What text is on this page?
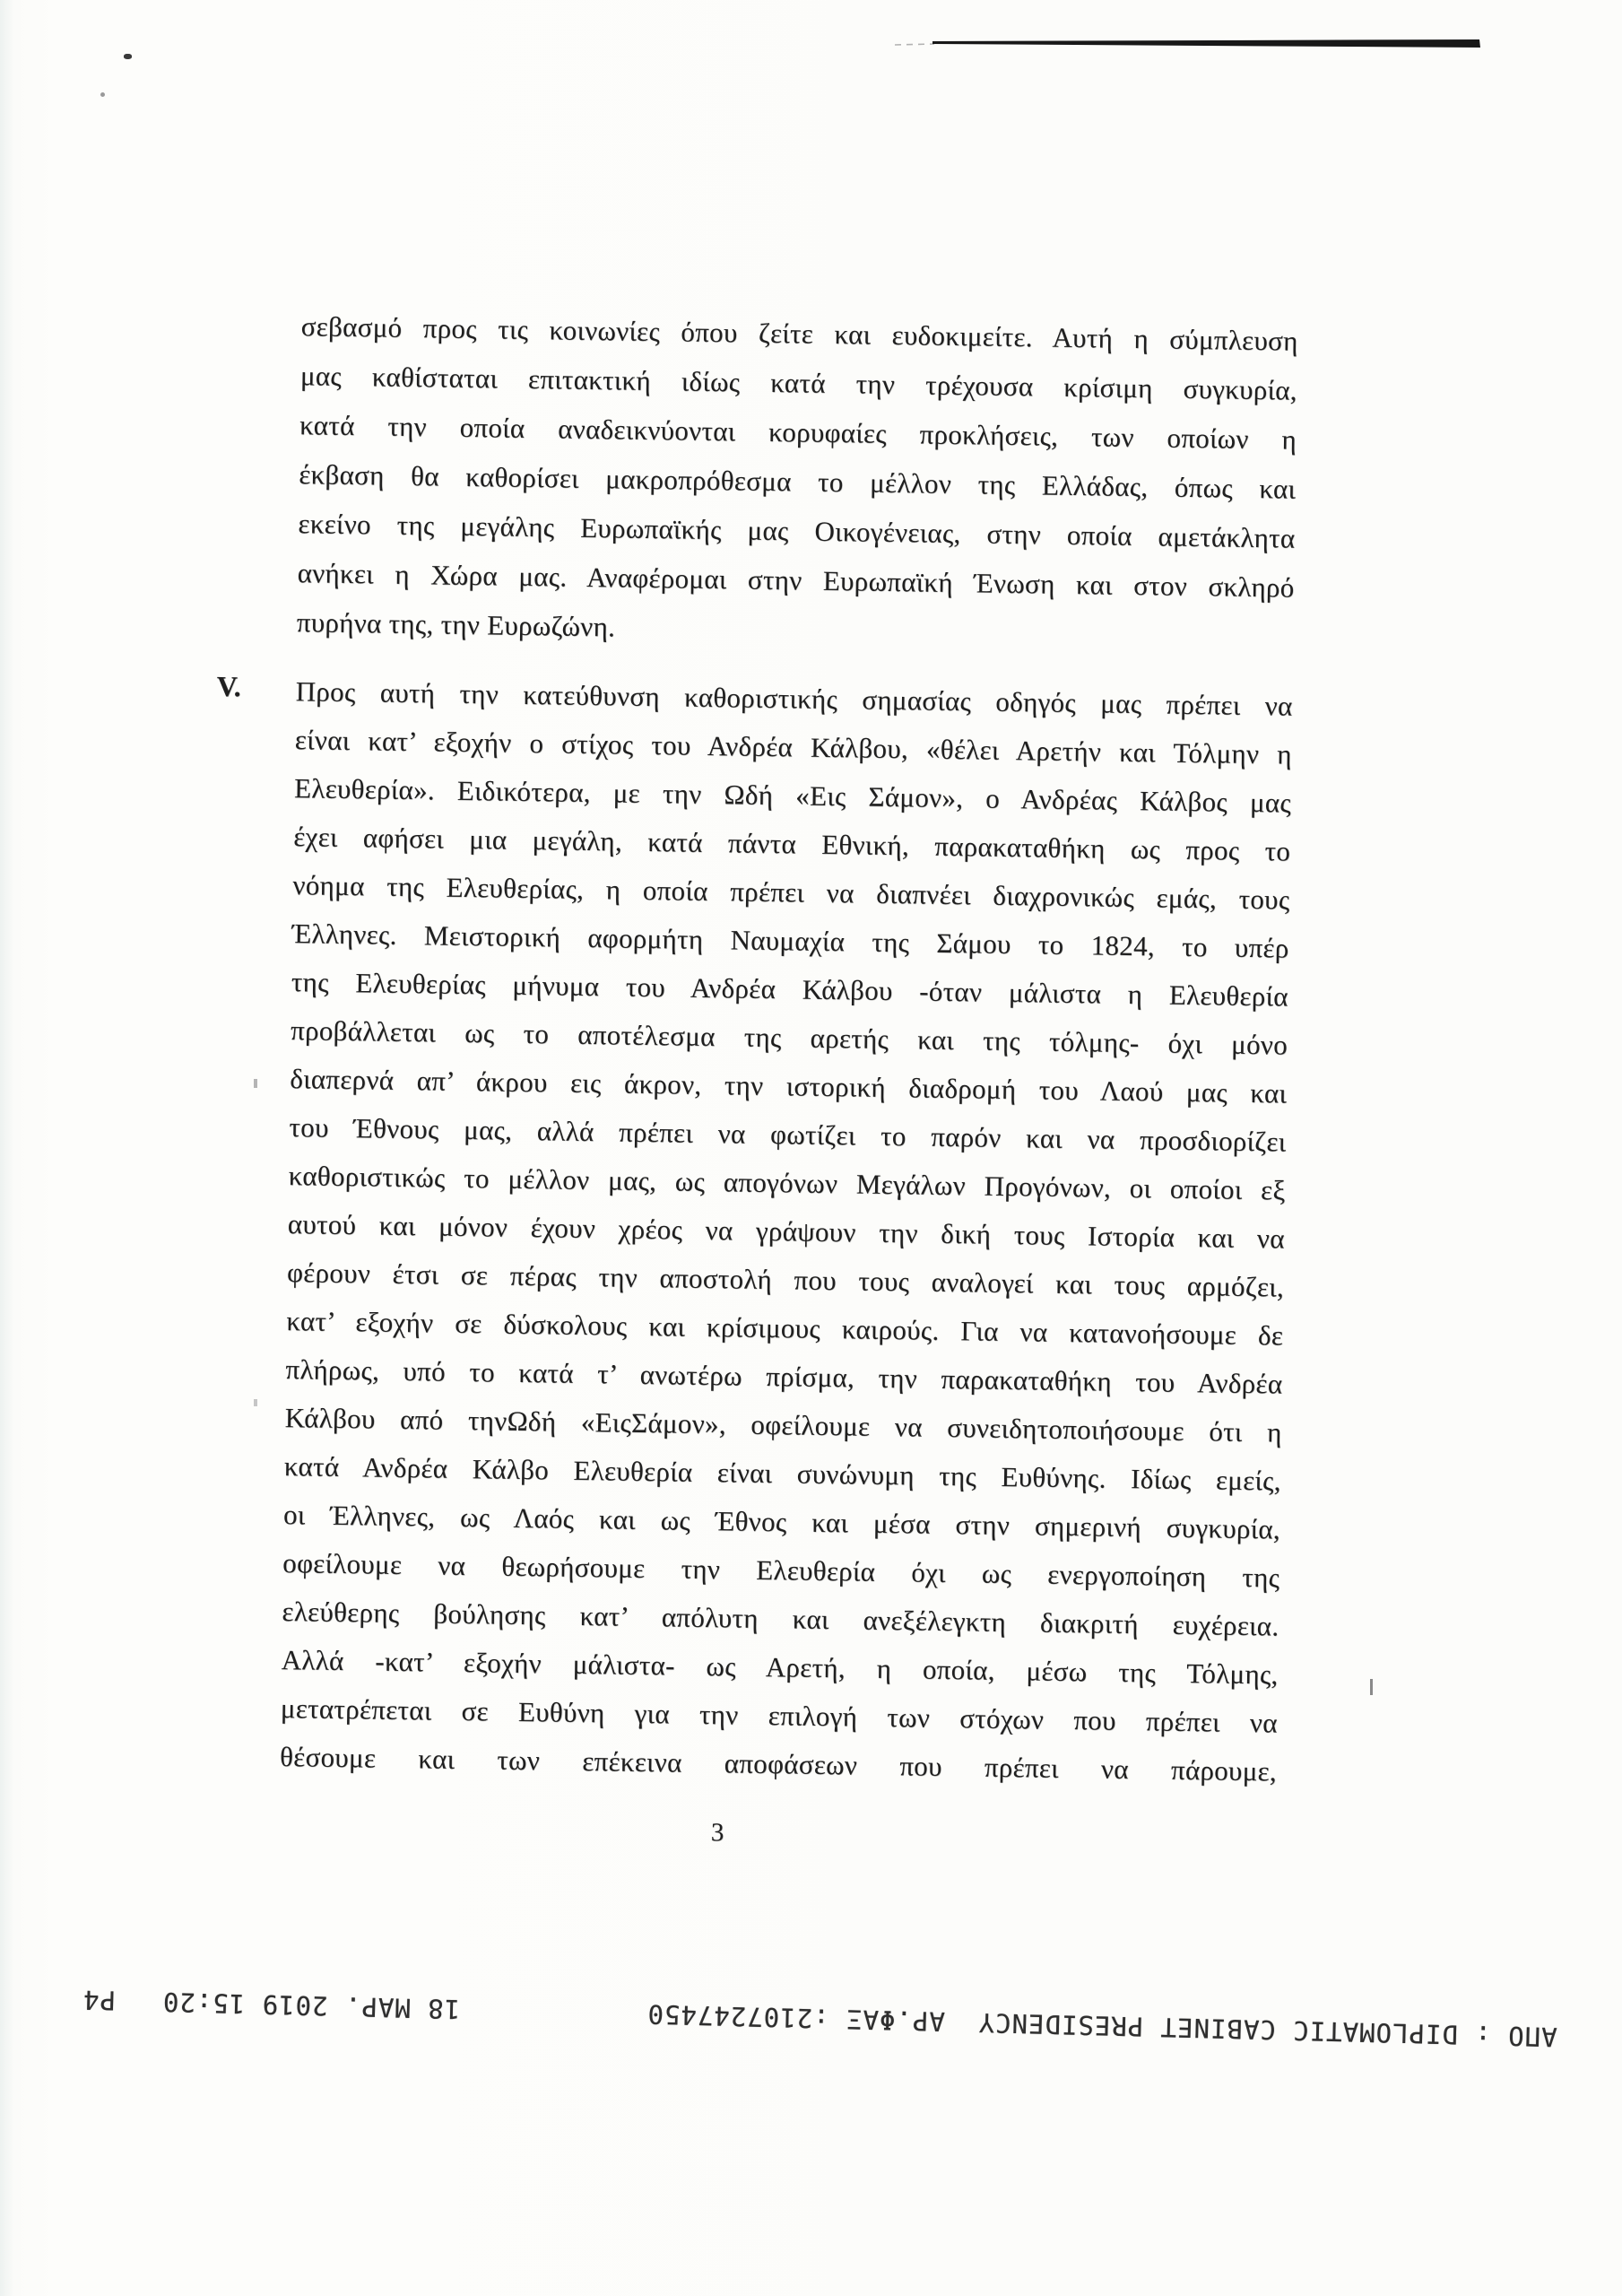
σεβασμό προς τις κοινωνίες όπου ζείτε και ευδοκιμείτε. Αυτή η σύμπλευση
μας καθίσταται επιτακτική ιδίως κατά την τρέχουσα κρίσιμη συγκυρία,
κατά την οποία αναδεικνύονται κορυφαίες προκλήσεις, των οποίων η
έκβαση θα καθορίσει μακροπρόθεσμα το μέλλον της Ελλάδας, όπως και
εκείνο της μεγάλης Ευρωπαϊκής μας Οικογένειας, στην οποία αμετάκλητα
ανήκει η Χώρα μας. Αναφέρομαι στην Ευρωπαϊκή Ένωση και στον σκληρό
πυρήνα της, την Ευρωζώνη.
V. Προς αυτή την κατεύθυνση καθοριστικής σημασίας οδηγός μας πρέπει να
είναι κατ’ εξοχήν ο στίχος του Ανδρέα Κάλβου, «θέλει Αρετήν και Τόλμην η
Ελευθερία». Ειδικότερα, με την Ωδή «Εις Σάμον», ο Ανδρέας Κάλβος μας
έχει αφήσει μια μεγάλη, κατά πάντα Εθνική, παρακαταθήκη ως προς το
νόημα της Ελευθερίας, η οποία πρέπει να διαπνέει διαχρονικώς εμάς, τους
Έλληνες. Μειστορική αφορμήτη Ναυμαχία της Σάμου το 1824, το υπέρ
της Ελευθερίας μήνυμα του Ανδρέα Κάλβου -όταν μάλιστα η Ελευθερία
προβάλλεται ως το αποτέλεσμα της αρετής και της τόλμης- όχι μόνο
διαπερνά απ’ άκρου εις άκρον, την ιστορική διαδρομή του Λαού μας και
του Έθνους μας, αλλά πρέπει να φωτίζει το παρόν και να προσδιορίζει
καθοριστικώς το μέλλον μας, ως απογόνων Μεγάλων Προγόνων, οι οποίοι εξ
αυτού και μόνον έχουν χρέος να γράψουν την δική τους Ιστορία και να
φέρουν έτσι σε πέρας την αποστολή που τους αναλογεί και τους αρμόζει,
κατ’ εξοχήν σε δύσκολους και κρίσιμους καιρούς. Για να κατανοήσουμε δε
πλήρως, υπό το κατά τ’ ανωτέρω πρίσμα, την παρακαταθήκη του Ανδρέα
Κάλβου από τηνΩδή «ΕιςΣάμον», οφείλουμε να συνειδητοποιήσουμε ότι η
κατά Ανδρέα Κάλβο Ελευθερία είναι συνώνυμη της Ευθύνης. Ιδίως εμείς,
οι Έλληνες, ως Λαός και ως Έθνος και μέσα στην σημερινή συγκυρία,
οφείλουμε να θεωρήσουμε την Ελευθερία όχι ως ενεργοποίηση της
ελεύθερης βούλησης κατ’ απόλυτη και ανεξέλεγκτη διακριτή ευχέρεια.
Αλλά -κατ’ εξοχήν μάλιστα- ως Αρετή, η οποία, μέσω της Τόλμης,
μετατρέπεται σε Ευθύνη για την επιλογή των στόχων που πρέπει να
θέσουμε και των επέκεινα αποφάσεων που πρέπει να πάρουμε,
3
ΑΠΟ : DIPLOMATIC CABINET PRESIDENCY  ΑΡ.ΦΑΞ :2107247450

18 ΜΑΡ. 2019 15:20Ρ4
